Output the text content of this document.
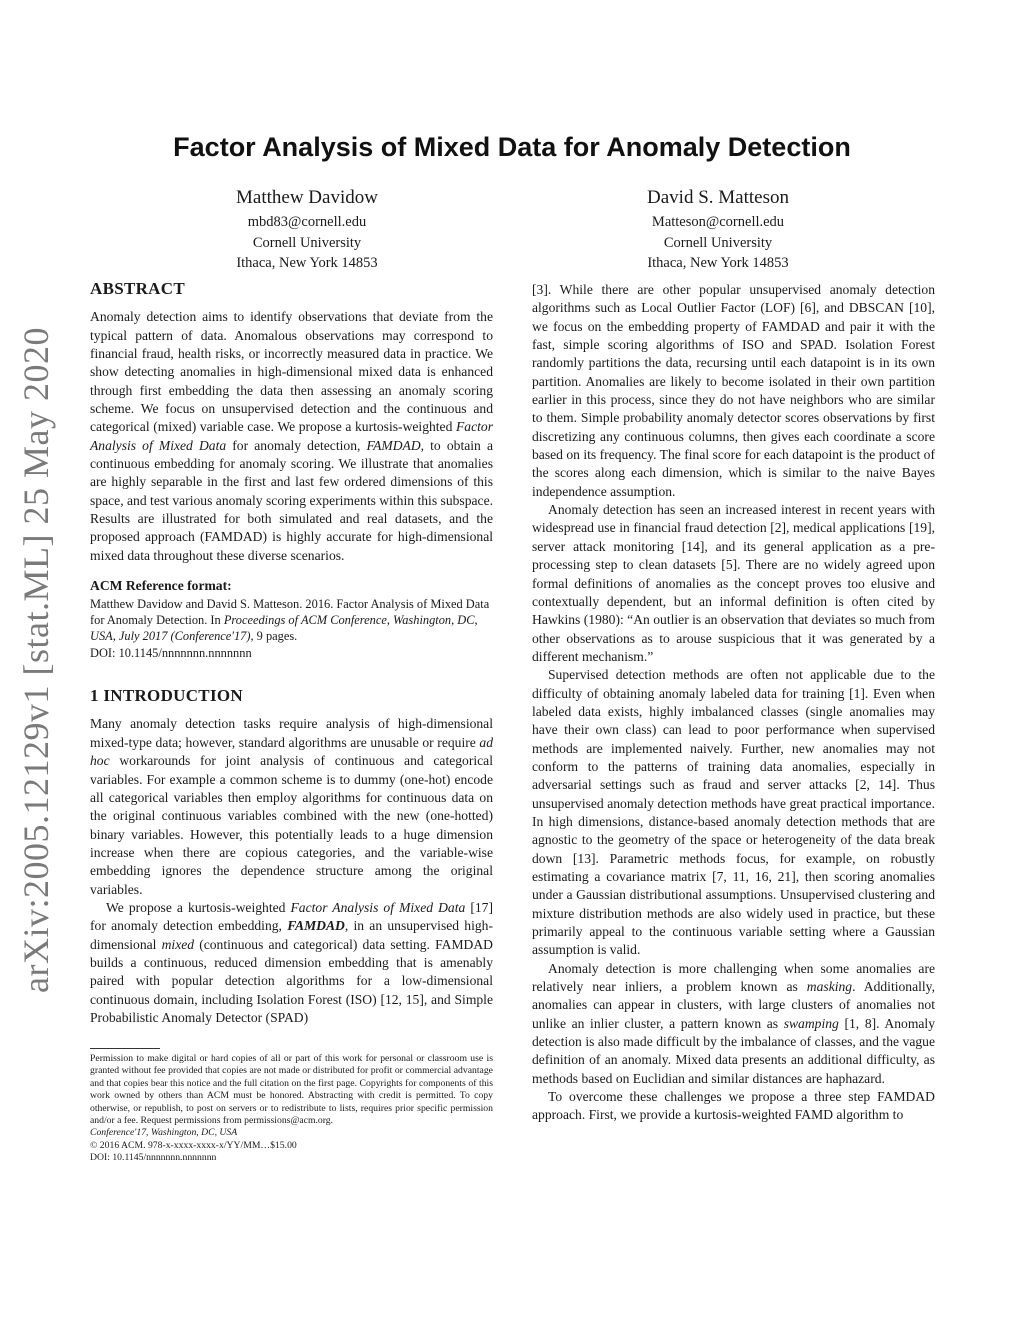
arXiv:2005.12129v1 [stat.ML] 25 May 2020
Factor Analysis of Mixed Data for Anomaly Detection
Matthew Davidow
mbd83@cornell.edu
Cornell University
Ithaca, New York 14853
David S. Matteson
Matteson@cornell.edu
Cornell University
Ithaca, New York 14853
ABSTRACT

Anomaly detection aims to identify observations that deviate from the typical pattern of data. Anomalous observations may correspond to financial fraud, health risks, or incorrectly measured data in practice. We show detecting anomalies in high-dimensional mixed data is enhanced through first embedding the data then assessing an anomaly scoring scheme. We focus on unsupervised detection and the continuous and categorical (mixed) variable case. We propose a kurtosis-weighted Factor Analysis of Mixed Data for anomaly detection, FAMDAD, to obtain a continuous embedding for anomaly scoring. We illustrate that anomalies are highly separable in the first and last few ordered dimensions of this space, and test various anomaly scoring experiments within this subspace. Results are illustrated for both simulated and real datasets, and the proposed approach (FAMDAD) is highly accurate for high-dimensional mixed data throughout these diverse scenarios.

ACM Reference format:

Matthew Davidow and David S. Matteson. 2016. Factor Analysis of Mixed Data for Anomaly Detection. In Proceedings of ACM Conference, Washington, DC, USA, July 2017 (Conference'17), 9 pages.

DOI: 10.1145/nnnnnnn.nnnnnnn

1 INTRODUCTION

Many anomaly detection tasks require analysis of high-dimensional mixed-type data; however, standard algorithms are unusable or require ad hoc workarounds for joint analysis of continuous and categorical variables. For example a common scheme is to dummy (one-hot) encode all categorical variables then employ algorithms for continuous data on the original continuous variables combined with the new (one-hotted) binary variables. However, this potentially leads to a huge dimension increase when there are copious categories, and the variable-wise embedding ignores the dependence structure among the original variables.

We propose a kurtosis-weighted Factor Analysis of Mixed Data [17] for anomaly detection embedding, FAMDAD, in an unsupervised high-dimensional mixed (continuous and categorical) data setting. FAMDAD builds a continuous, reduced dimension embedding that is amenably paired with popular detection algorithms for a low-dimensional continuous domain, including Isolation Forest (ISO) [12, 15], and Simple Probabilistic Anomaly Detector (SPAD)

Permission to make digital or hard copies of all or part of this work for personal or classroom use is granted without fee provided that copies are not made or distributed for profit or commercial advantage and that copies bear this notice and the full citation on the first page. Copyrights for components of this work owned by others than ACM must be honored. Abstracting with credit is permitted. To copy otherwise, or republish, to post on servers or to redistribute to lists, requires prior specific permission and/or a fee. Request permissions from permissions@acm.org.

Conference'17, Washington, DC, USA

© 2016 ACM. 978-x-xxxx-xxxx-x/YY/MM…$15.00

DOI: 10.1145/nnnnnnn.nnnnnnn

[3]. While there are other popular unsupervised anomaly detection algorithms such as Local Outlier Factor (LOF) [6], and DBSCAN [10], we focus on the embedding property of FAMDAD and pair it with the fast, simple scoring algorithms of ISO and SPAD. Isolation Forest randomly partitions the data, recursing until each datapoint is in its own partition. Anomalies are likely to become isolated in their own partition earlier in this process, since they do not have neighbors who are similar to them. Simple probability anomaly detector scores observations by first discretizing any continuous columns, then gives each coordinate a score based on its frequency. The final score for each datapoint is the product of the scores along each dimension, which is similar to the naive Bayes independence assumption.

Anomaly detection has seen an increased interest in recent years with widespread use in financial fraud detection [2], medical applications [19], server attack monitoring [14], and its general application as a pre-processing step to clean datasets [5]. There are no widely agreed upon formal definitions of anomalies as the concept proves too elusive and contextually dependent, but an informal definition is often cited by Hawkins (1980): “An outlier is an observation that deviates so much from other observations as to arouse suspicious that it was generated by a different mechanism.”

Supervised detection methods are often not applicable due to the difficulty of obtaining anomaly labeled data for training [1]. Even when labeled data exists, highly imbalanced classes (single anomalies may have their own class) can lead to poor performance when supervised methods are implemented naively. Further, new anomalies may not conform to the patterns of training data anomalies, especially in adversarial settings such as fraud and server attacks [2, 14]. Thus unsupervised anomaly detection methods have great practical importance. In high dimensions, distance-based anomaly detection methods that are agnostic to the geometry of the space or heterogeneity of the data break down [13]. Parametric methods focus, for example, on robustly estimating a covariance matrix [7, 11, 16, 21], then scoring anomalies under a Gaussian distributional assumptions. Unsupervised clustering and mixture distribution methods are also widely used in practice, but these primarily appeal to the continuous variable setting where a Gaussian assumption is valid.

Anomaly detection is more challenging when some anomalies are relatively near inliers, a problem known as masking. Additionally, anomalies can appear in clusters, with large clusters of anomalies not unlike an inlier cluster, a pattern known as swamping [1, 8]. Anomaly detection is also made difficult by the imbalance of classes, and the vague definition of an anomaly. Mixed data presents an additional difficulty, as methods based on Euclidian and similar distances are haphazard.

To overcome these challenges we propose a three step FAMDAD approach. First, we provide a kurtosis-weighted FAMD algorithm to
